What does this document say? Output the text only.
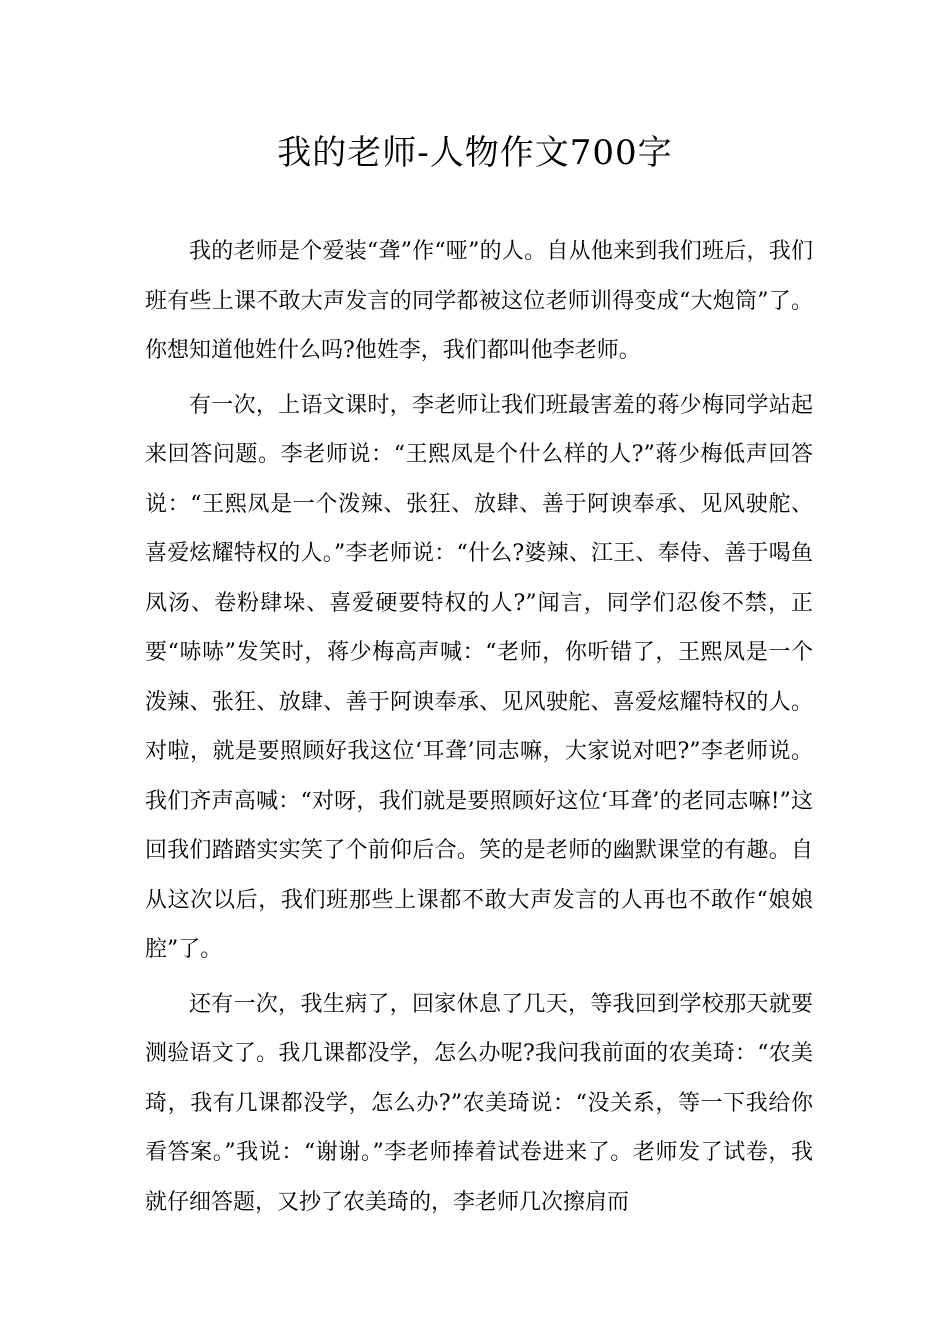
我的老师-人物作文700字

我的老师是个爱装“聋”作“哑”的人。自从他来到我们班后，我们班有些上课不敢大声发言的同学都被这位老师训得变成“大炮筒”了。你想知道他姓什么吗?他姓李，我们都叫他李老师。

有一次，上语文课时，李老师让我们班最害羞的蒋少梅同学站起来回答问题。李老师说：“王熙凤是个什么样的人?”蒋少梅低声回答说：“王熙凤是一个泼辣、张狂、放肆、善于阿谀奉承、见风驶舵、喜爱炫耀特权的人。”李老师说：“什么?婆辣、江王、奉侍、善于喝鱼凤汤、卷粉肆垛、喜爱硬要特权的人?”闻言，同学们忍俊不禁，正要“哧哧”发笑时，蒋少梅高声喊：“老师，你听错了，王熙凤是一个泼辣、张狂、放肆、善于阿谀奉承、见风驶舵、喜爱炫耀特权的人。对啦，就是要照顾好我这位‘耳聋’同志嘛，大家说对吧?”李老师说。我们齐声高喊：“对呀，我们就是要照顾好这位‘耳聋’的老同志嘛!”这回我们踏踏实实笑了个前仰后合。笑的是老师的幽默课堂的有趣。自从这次以后，我们班那些上课都不敢大声发言的人再也不敢作“娘娘腔”了。

还有一次，我生病了，回家休息了几天，等我回到学校那天就要测验语文了。我几课都没学，怎么办呢?我问我前面的农美琦：“农美琦，我有几课都没学，怎么办?”农美琦说：“没关系，等一下我给你看答案。”我说：“谢谢。”李老师捧着试卷进来了。老师发了试卷，我就仔细答题，又抄了农美琦的，李老师几次擦肩而
